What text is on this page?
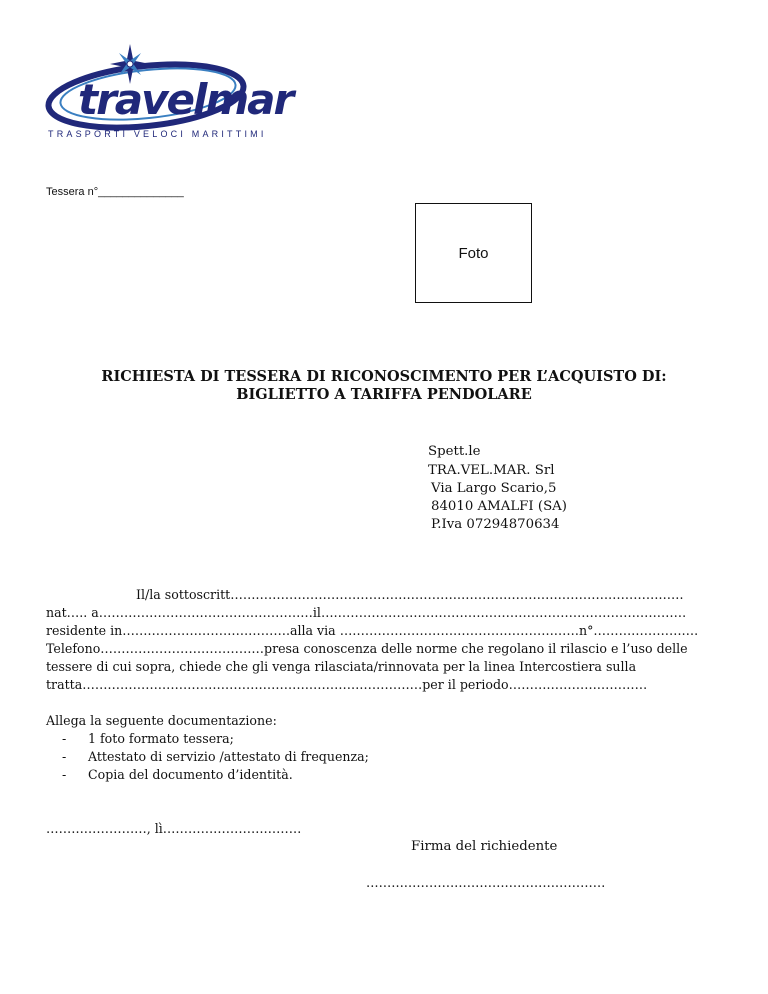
travelmar
TRASPORTI VELOCI MARITTIMI
Tessera n°______________
Foto
RICHIESTA DI TESSERA DI RICONOSCIMENTO PER L’ACQUISTO DI:
BIGLIETTO A TARIFFA PENDOLARE
Spett.le
TRA.VEL.MAR. Srl
Via Largo Scario,5
84010 AMALFI (SA)
P.Iva 07294870634
Il/la sottoscritt………………………………………………………………………………………………
nat….. a……………………………………………il……………………………………………………………………………
residente in………………………………….alla via …………………………………………………n°…………………….
Telefono…………………………………presa conoscenza delle norme che regolano il rilascio e l’uso delle
tessere di cui sopra, chiede che gli venga rilasciata/rinnovata per la linea Intercostiera sulla
tratta………………………………………………………………………per il periodo……………………………
Allega la seguente documentazione:
- 1 foto formato tessera;
- Attestato di servizio /attestato di frequenza;
- Copia del documento d’identità.
……………………, lì……………………………
Firma del richiedente
…………………………………………………
